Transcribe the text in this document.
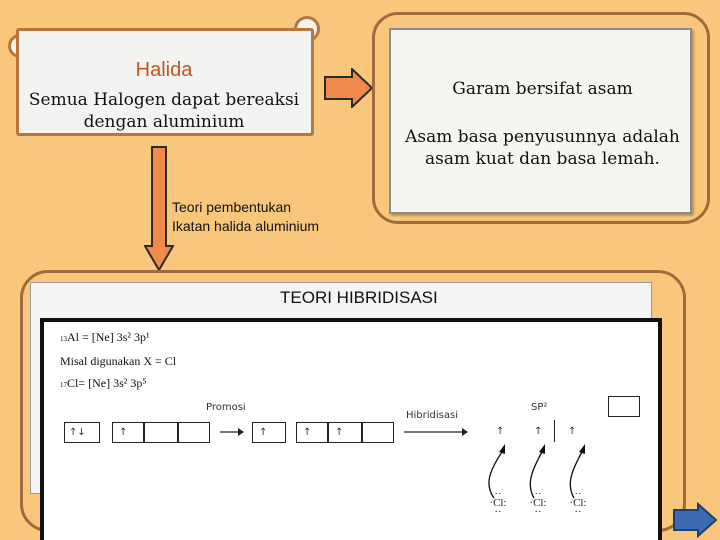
Halida
Semua Halogen dapat bereaksi
dengan aluminium
Garam bersifat asam
Asam basa penyusunnya adalah
asam kuat dan basa lemah.
Teori pembentukan
Ikatan halida aluminium
TEORI HIBRIDISASI
13Al = [Ne] 3s² 3p¹
Misal digunakan X = Cl
17Cl= [Ne] 3s² 3p⁵
Promosi
Hibridisasi
SP²
↑↓	↑	↑	↑ ↑	↑	↑	↑
··
·Cl:
··
··
·Cl:
··
··
·Cl:
··
